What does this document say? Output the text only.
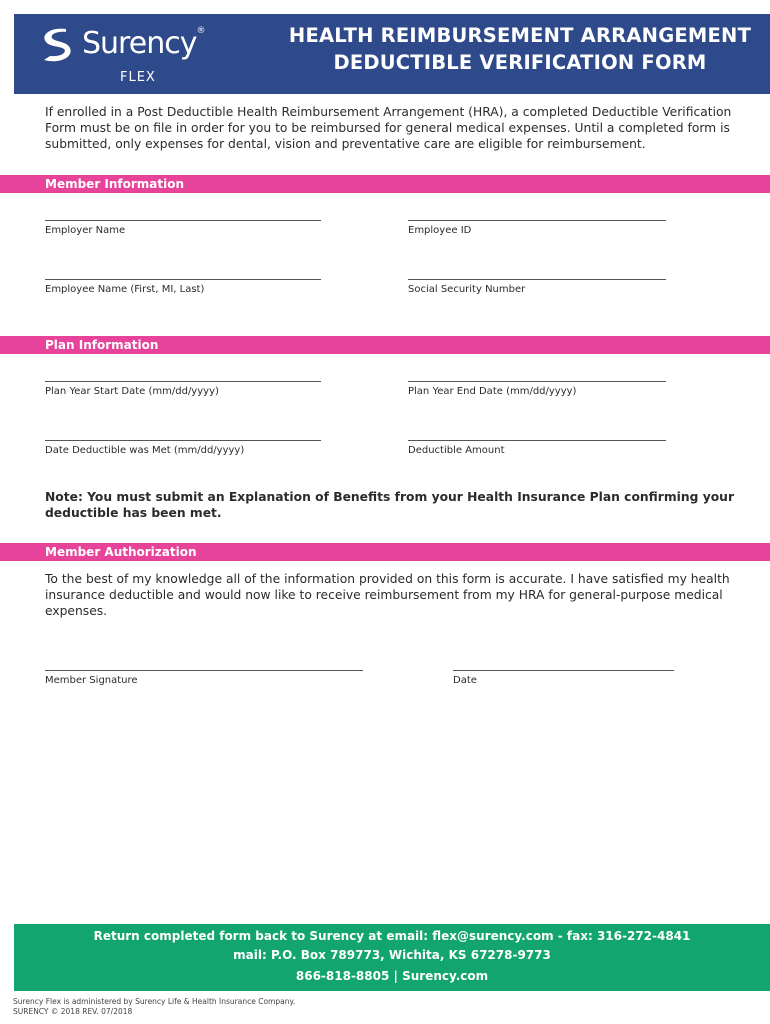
Surency®
FLEX
HEALTH REIMBURSEMENT ARRANGEMENT
DEDUCTIBLE VERIFICATION FORM
If enrolled in a Post Deductible Health Reimbursement Arrangement (HRA), a completed Deductible Verification Form must be on file in order for you to be reimbursed for general medical expenses. Until a completed form is submitted, only expenses for dental, vision and preventative care are eligible for reimbursement.
Member Information
Employer Name	Employee ID
Employee Name (First, MI, Last)	Social Security Number
Plan Information
Plan Year Start Date (mm/dd/yyyy)	Plan Year End Date (mm/dd/yyyy)
Date Deductible was Met (mm/dd/yyyy)	Deductible Amount
Note: You must submit an Explanation of Benefits from your Health Insurance Plan confirming your deductible has been met.
Member Authorization
To the best of my knowledge all of the information provided on this form is accurate. I have satisfied my health insurance deductible and would now like to receive reimbursement from my HRA for general-purpose medical expenses.
Member Signature	Date
Return completed form back to Surency at email: flex@surency.com - fax: 316-272-4841
mail: P.O. Box 789773, Wichita, KS 67278-9773
866-818-8805 | Surency.com
Surency Flex is administered by Surency Life & Health Insurance Company.
SURENCY © 2018 REV. 07/2018
